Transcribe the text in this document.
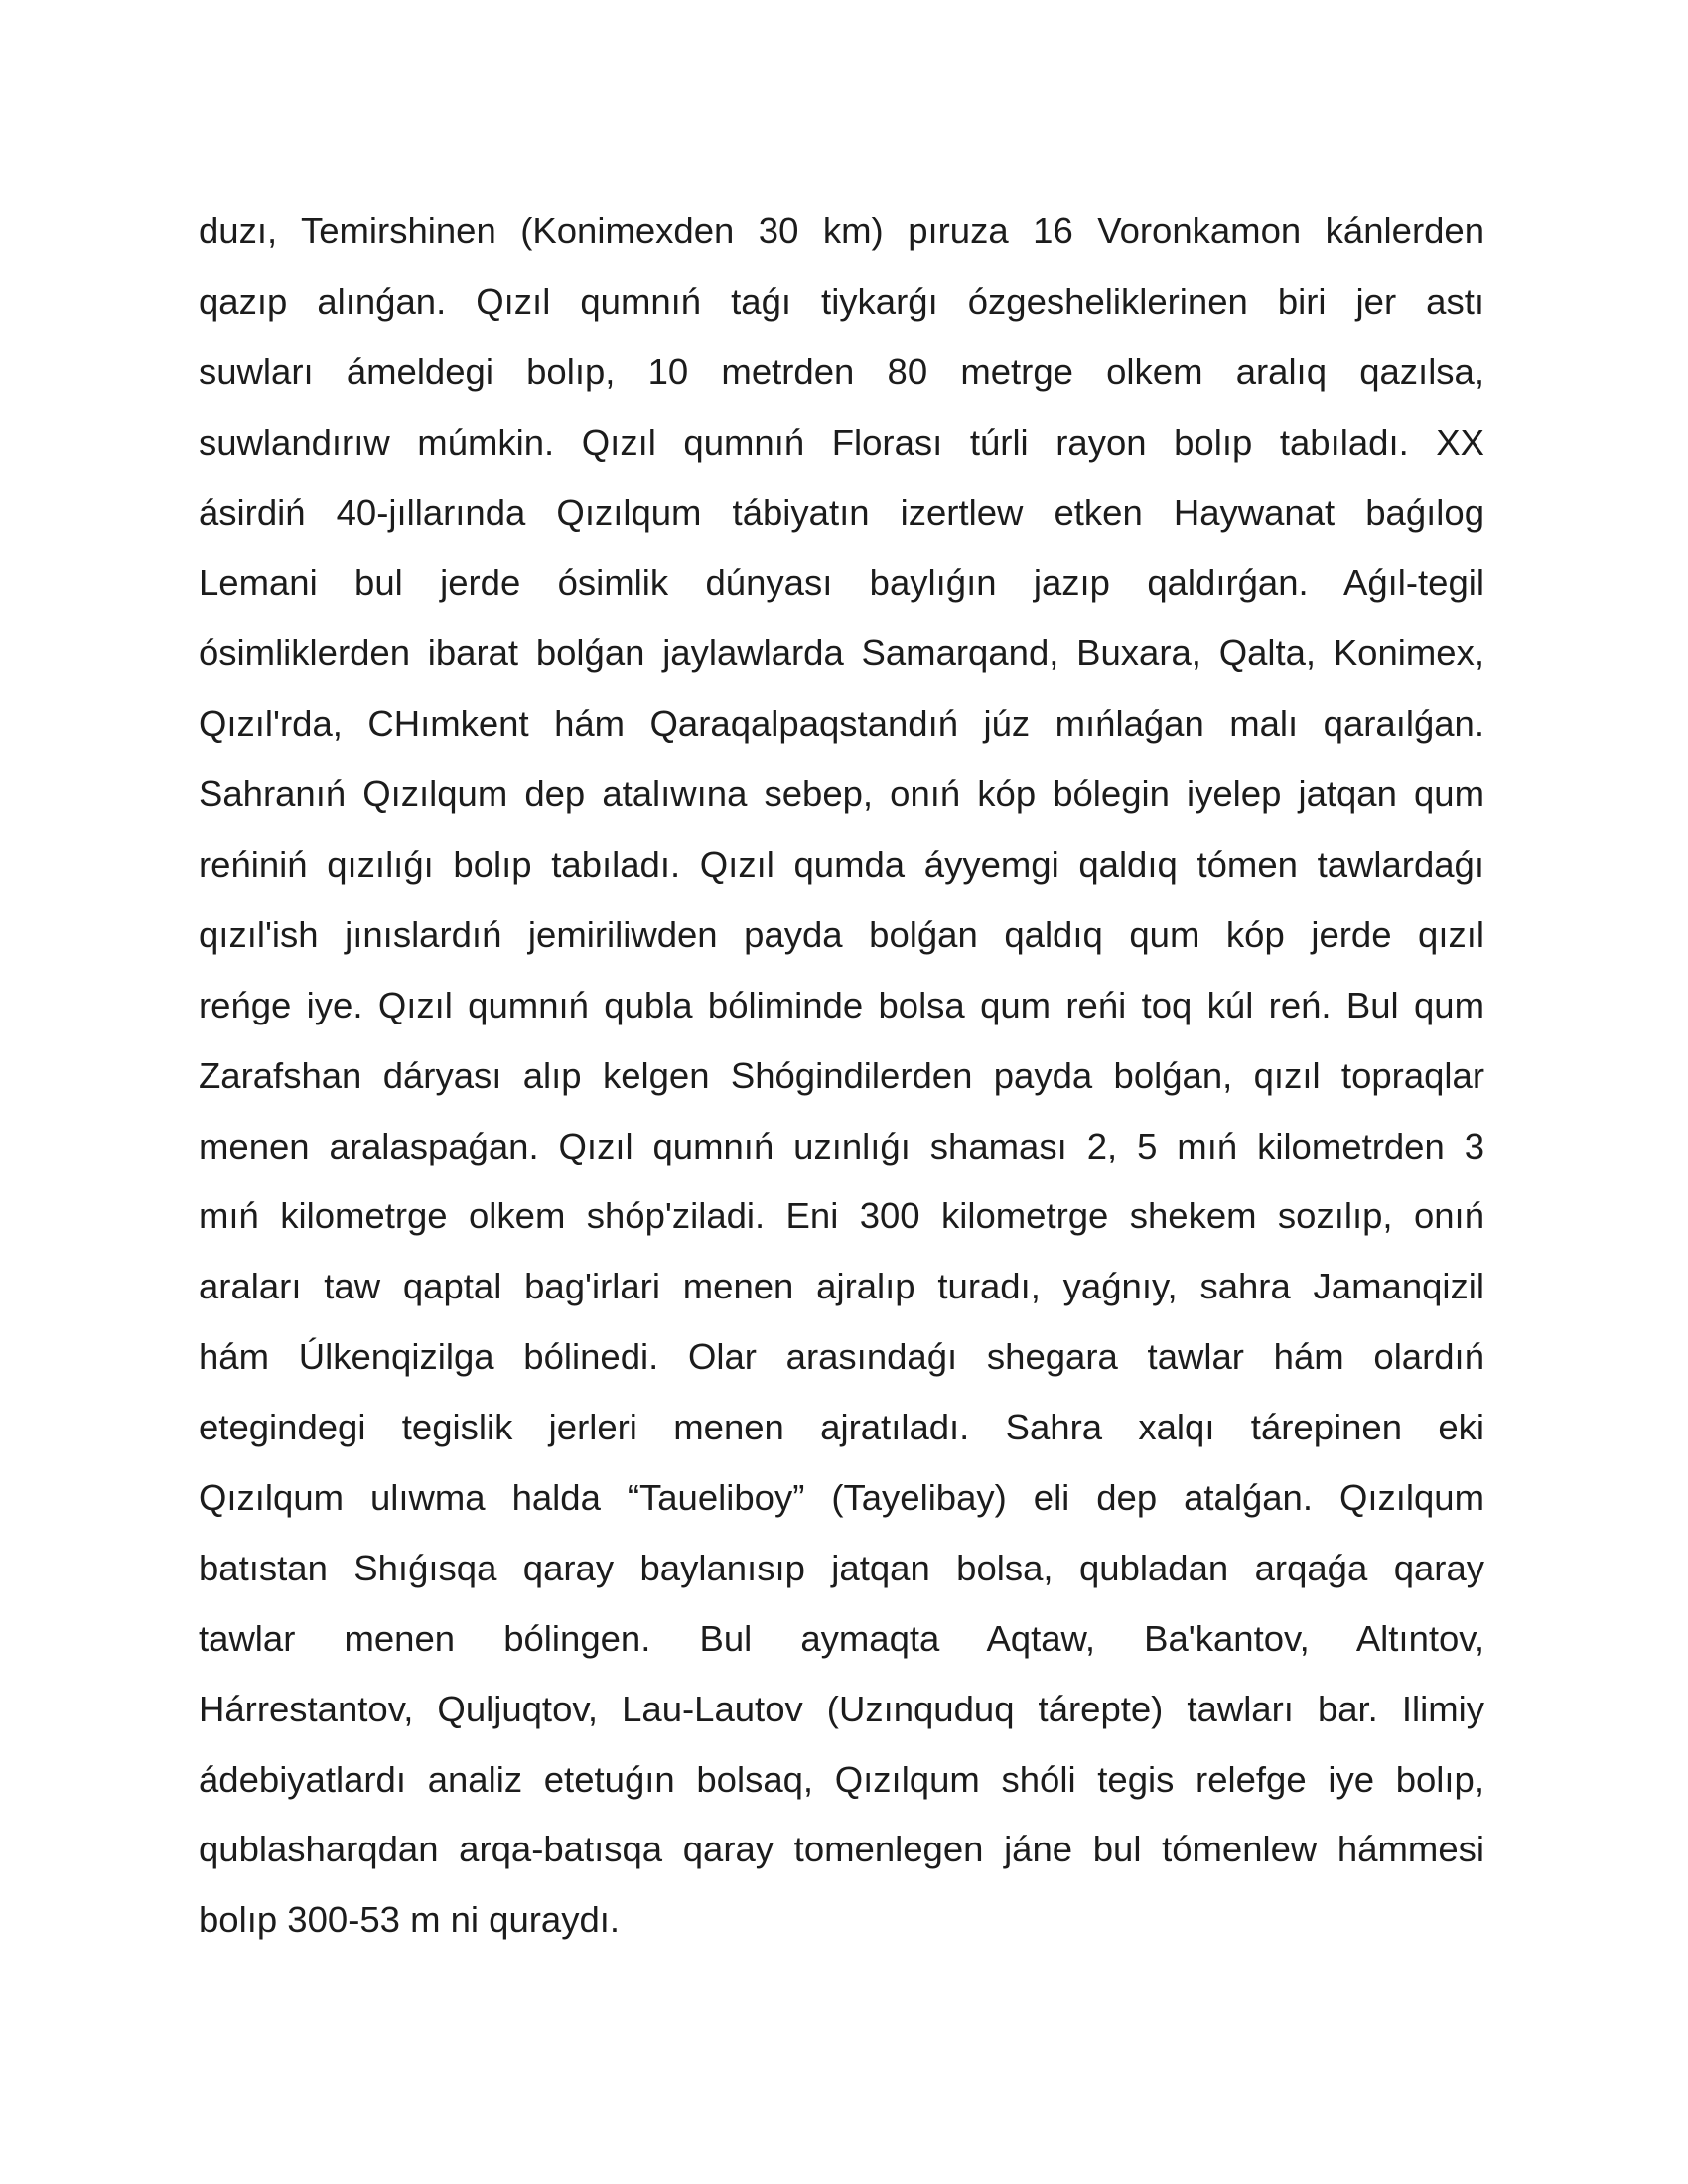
duzı, Temirshinen (Konimexden 30 km) pıruza 16 Voronkamon kánlerden
qazıp alınǵan. Qızıl qumnıń taǵı tiykarǵı ózgesheliklerinen biri jer astı
suwları ámeldegi bolıp, 10 metrden 80 metrge olkem aralıq qazılsa,
suwlandırıw múmkin. Qızıl qumnıń Florası túrli rayon bolıp tabıladı. XX
ásirdiń 40-jıllarında Qızılqum tábiyatın izertlew etken Haywanat baǵılog
Lemani bul jerde ósimlik dúnyası baylıǵın jazıp qaldırǵan. Aǵıl-tegil
ósimliklerden ibarat bolǵan jaylawlarda Samarqand, Buxara, Qalta, Konimex,
Qızıl'rda, CHımkent hám Qaraqalpaqstandıń júz mıńlaǵan malı qaraılǵan.
Sahranıń Qızılqum dep atalıwına sebep, onıń kóp bólegin iyelep jatqan qum
reńiniń qızılıǵı bolıp tabıladı. Qızıl qumda áyyemgi qaldıq tómen tawlardaǵı
qızıl'ish jınıslardıń jemiriliwden payda bolǵan qaldıq qum kóp jerde qızıl
reńge iye. Qızıl qumnıń qubla bóliminde bolsa qum reńi toq kúl reń. Bul qum
Zarafshan dáryası alıp kelgen Shógindilerden payda bolǵan, qızıl topraqlar
menen aralaspaǵan. Qızıl qumnıń uzınlıǵı shaması 2, 5 mıń kilometrden 3
mıń kilometrge olkem shóp'ziladi. Eni 300 kilometrge shekem sozılıp, onıń
araları taw qaptal bag'irlari menen ajralıp turadı, yaǵnıy, sahra Jamanqizil
hám Úlkenqizilga bólinedi. Olar arasındaǵı shegara tawlar hám olardıń
etegindegi tegislik jerleri menen ajratıladı. Sahra xalqı tárepinen eki
Qızılqum ulıwma halda “Taueliboy” (Tayelibay) eli dep atalǵan. Qızılqum
batıstan Shıǵısqa qaray baylanısıp jatqan bolsa, qubladan arqaǵa qaray
tawlar menen bólingen. Bul aymaqta Aqtaw, Ba'kantov, Altıntov,
Hárrestantov, Quljuqtov, Lau-Lautov (Uzınquduq tárepte) tawları bar. Ilimiy
ádebiyatlardı analiz etetuǵın bolsaq, Qızılqum shóli tegis relefge iye bolıp,
qublasharqdan arqa-batısqa qaray tomenlegen jáne bul tómenlew hámmesi
bolıp 300-53 m ni quraydı.
